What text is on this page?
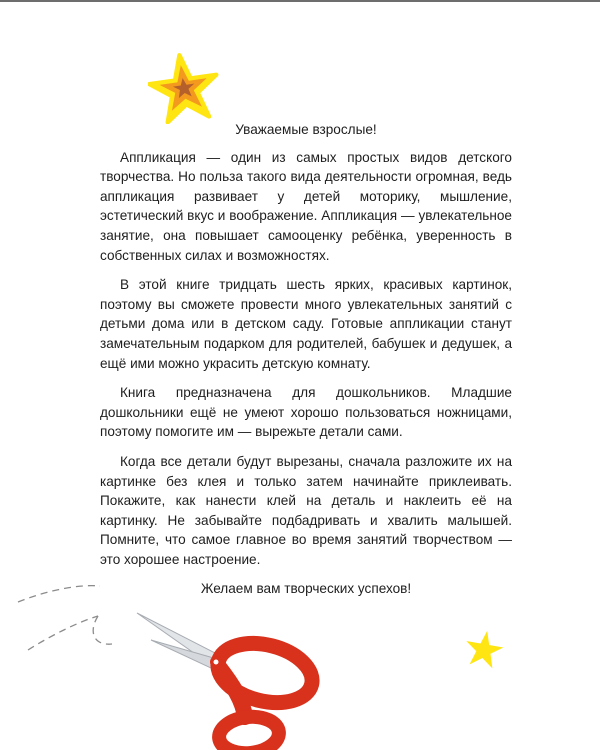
Уважаемые взрослые!

Аппликация — один из самых простых видов детского творчества. Но польза такого вида деятельности огромная, ведь аппликация развивает у детей моторику, мышление, эстетический вкус и воображение. Аппликация — увлекательное занятие, она повышает самооценку ребёнка, уверенность в собственных силах и возможностях.

В этой книге тридцать шесть ярких, красивых картинок, поэтому вы сможете провести много увлекательных занятий с детьми дома или в детском саду. Готовые аппликации станут замечательным подарком для родителей, бабушек и дедушек, а ещё ими можно украсить детскую комнату.

Книга предназначена для дошкольников. Младшие дошкольники ещё не умеют хорошо пользоваться ножницами, поэтому помогите им — вырежьте детали сами.

Когда все детали будут вырезаны, сначала разложите их на картинке без клея и только затем начинайте приклеивать. Покажите, как нанести клей на деталь и наклеить её на картинку. Не забывайте подбадривать и хвалить малышей. Помните, что самое главное во время занятий творчеством — это хорошее настроение.

Желаем вам творческих успехов!
